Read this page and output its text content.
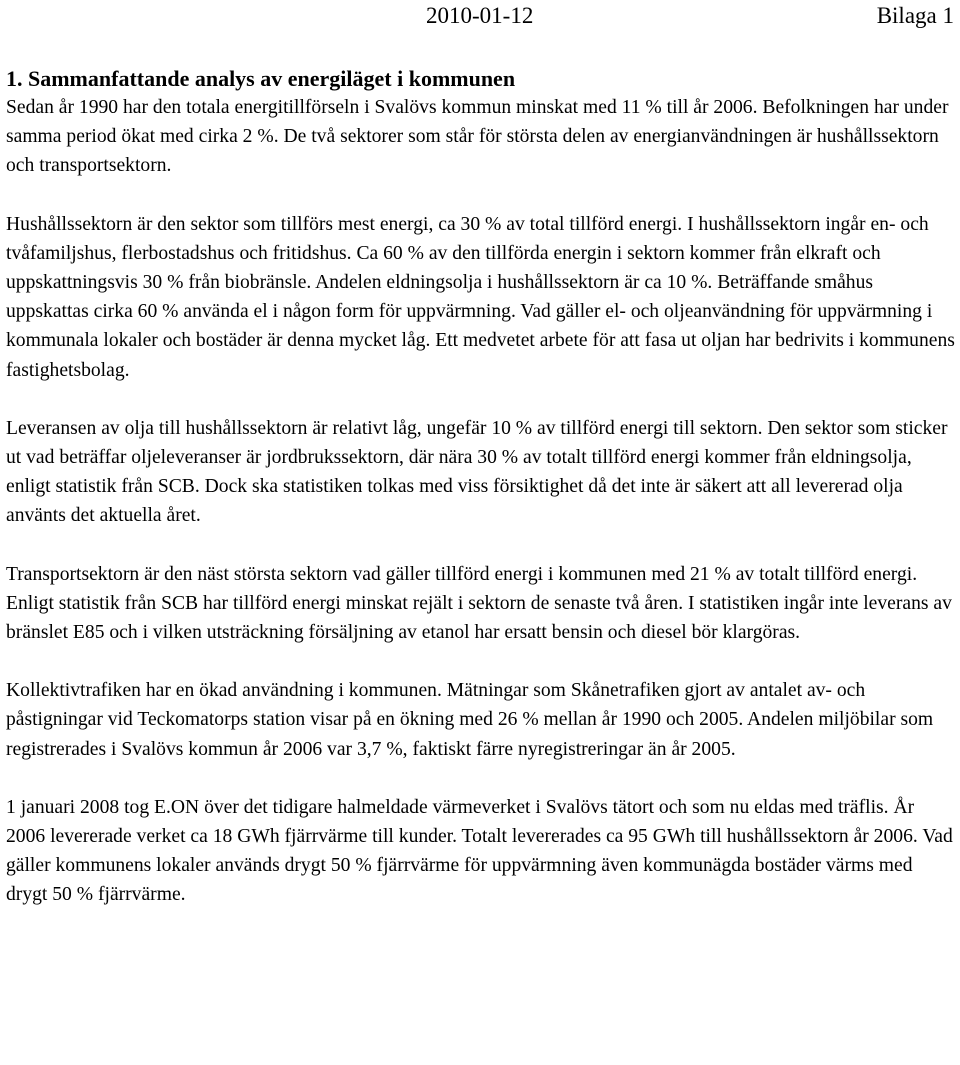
2010-01-12	Bilaga 1
1. Sammanfattande analys av energiläget i kommunen

Sedan år 1990 har den totala energitillförseln i Svalövs kommun minskat med 11 % till år 2006. Befolkningen har under samma period ökat med cirka 2 %. De två sektorer som står för största delen av energianvändningen är hushållssektorn och transportsektorn.

Hushållssektorn är den sektor som tillförs mest energi, ca 30 % av total tillförd energi. I hushållssektorn ingår en- och tvåfamiljshus, flerbostadshus och fritidshus. Ca 60 % av den tillförda energin i sektorn kommer från elkraft och uppskattningsvis 30 % från biobränsle. Andelen eldningsolja i hushållssektorn är ca 10 %. Beträffande småhus uppskattas cirka 60 % använda el i någon form för uppvärmning. Vad gäller el- och oljeanvändning för uppvärmning i kommunala lokaler och bostäder är denna mycket låg. Ett medvetet arbete för att fasa ut oljan har bedrivits i kommunens fastighetsbolag.

Leveransen av olja till hushållssektorn är relativt låg, ungefär 10 % av tillförd energi till sektorn. Den sektor som sticker ut vad beträffar oljeleveranser är jordbrukssektorn, där nära 30 % av totalt tillförd energi kommer från eldningsolja, enligt statistik från SCB. Dock ska statistiken tolkas med viss försiktighet då det inte är säkert att all levererad olja använts det aktuella året.

Transportsektorn är den näst största sektorn vad gäller tillförd energi i kommunen med 21 % av totalt tillförd energi. Enligt statistik från SCB har tillförd energi minskat rejält i sektorn de senaste två åren. I statistiken ingår inte leverans av bränslet E85 och i vilken utsträckning försäljning av etanol har ersatt bensin och diesel bör klargöras.

Kollektivtrafiken har en ökad användning i kommunen. Mätningar som Skånetrafiken gjort av antalet av- och påstigningar vid Teckomatorps station visar på en ökning med 26 % mellan år 1990 och 2005. Andelen miljöbilar som registrerades i Svalövs kommun år 2006 var 3,7 %, faktiskt färre nyregistreringar än år 2005.

1 januari 2008 tog E.ON över det tidigare halmeldade värmeverket i Svalövs tätort och som nu eldas med träflis. År 2006 levererade verket ca 18 GWh fjärrvärme till kunder. Totalt levererades ca 95 GWh till hushållssektorn år 2006. Vad gäller kommunens lokaler används drygt 50 % fjärrvärme för uppvärmning även kommunägda bostäder värms med drygt 50 % fjärrvärme.
